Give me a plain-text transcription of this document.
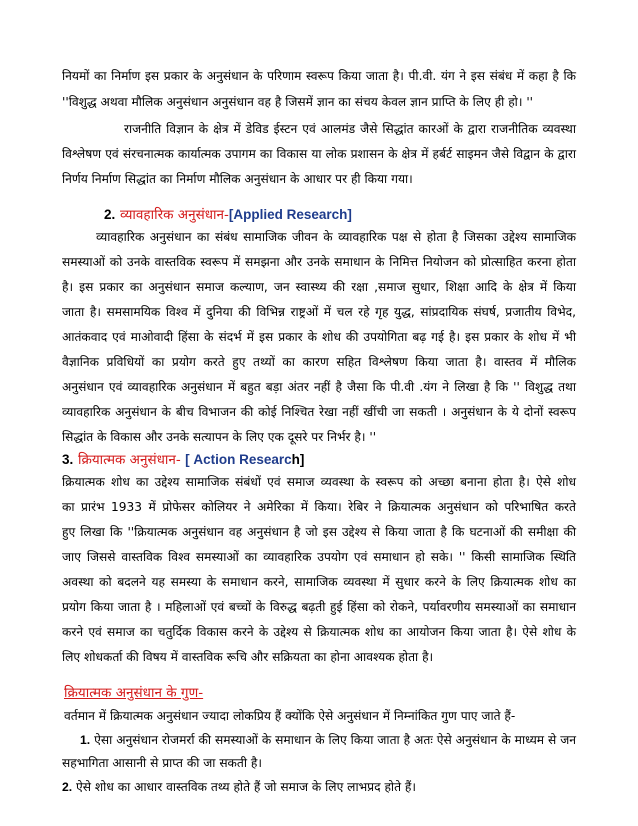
नियमों का निर्माण इस प्रकार के अनुसंधान के परिणाम स्वरूप किया जाता है। पी.वी. यंग ने इस संबंध में कहा है कि
''विशुद्ध अथवा मौलिक अनुसंधान अनुसंधान वह है जिसमें ज्ञान का संचय केवल ज्ञान प्राप्ति के लिए ही हो। ''
राजनीति विज्ञान के क्षेत्र में डेविड ईस्टन एवं आलमंड जैसे सिद्धांत कारओं के द्वारा राजनीतिक व्यवस्था
विश्लेषण एवं संरचनात्मक कार्यात्मक उपागम का विकास या लोक प्रशासन के क्षेत्र में हर्बर्ट साइमन जैसे विद्वान के द्वारा
निर्णय निर्माण सिद्धांत का निर्माण मौलिक अनुसंधान के आधार पर ही किया गया।
2. व्यावहारिक अनुसंधान-[Applied Research]
व्यावहारिक अनुसंधान का संबंध सामाजिक जीवन के व्यावहारिक पक्ष से होता है जिसका उद्देश्य सामाजिक
समस्याओं को उनके वास्तविक स्वरूप में समझना और उनके समाधान के निमित्त नियोजन को प्रोत्साहित करना होता
है। इस प्रकार का अनुसंधान समाज कल्याण, जन स्वास्थ्य की रक्षा ,समाज सुधार, शिक्षा आदि के क्षेत्र में किया
जाता है। समसामयिक विश्व में दुनिया की विभिन्न राष्ट्रओं में चल रहे गृह युद्ध, सांप्रदायिक संघर्ष, प्रजातीय विभेद,
आतंकवाद एवं माओवादी हिंसा के संदर्भ में इस प्रकार के शोध की उपयोगिता बढ़ गई है। इस प्रकार के शोध में भी
वैज्ञानिक प्रविधियों का प्रयोग करते हुए तथ्यों का कारण सहित विश्लेषण किया जाता है। वास्तव में मौलिक
अनुसंधान एवं व्यावहारिक अनुसंधान में बहुत बड़ा अंतर नहीं है जैसा कि पी.वी .यंग ने लिखा है कि '' विशुद्ध तथा
व्यावहारिक अनुसंधान के बीच विभाजन की कोई निश्चित रेखा नहीं खींची जा सकती । अनुसंधान के ये दोनों स्वरूप
सिद्धांत के विकास और उनके सत्यापन के लिए एक दूसरे पर निर्भर है। ''
3. क्रियात्मक अनुसंधान- [ Action Research]
क्रियात्मक शोध का उद्देश्य सामाजिक संबंधों एवं समाज व्यवस्था के स्वरूप को अच्छा बनाना होता है। ऐसे शोध
का प्रारंभ 1933 में प्रोफेसर कोलियर ने अमेरिका में किया। रेबिर ने क्रियात्मक अनुसंधान को परिभाषित करते
हुए लिखा कि ''क्रियात्मक अनुसंधान वह अनुसंधान है जो इस उद्देश्य से किया जाता है कि घटनाओं की समीक्षा की
जाए जिससे वास्तविक विश्व समस्याओं का व्यावहारिक उपयोग एवं समाधान हो सके। '' किसी सामाजिक स्थिति
अवस्था को बदलने यह समस्या के समाधान करने, सामाजिक व्यवस्था में सुधार करने के लिए क्रियात्मक शोध का
प्रयोग किया जाता है । महिलाओं एवं बच्चों के विरुद्ध बढ़ती हुई हिंसा को रोकने, पर्यावरणीय समस्याओं का समाधान
करने एवं समाज का चतुर्दिक विकास करने के उद्देश्य से क्रियात्मक शोध का आयोजन किया जाता है। ऐसे शोध के
लिए शोधकर्ता की विषय में वास्तविक रूचि और सक्रियता का होना आवश्यक होता है।
क्रियात्मक अनुसंधान के गुण-
वर्तमान में क्रियात्मक अनुसंधान ज्यादा लोकप्रिय हैं क्योंकि ऐसे अनुसंधान में निम्नांकित गुण पाए जाते हैं-
1. ऐसा अनुसंधान रोजमर्रा की समस्याओं के समाधान के लिए किया जाता है अतः ऐसे अनुसंधान के माध्यम से जन
सहभागिता आसानी से प्राप्त की जा सकती है।
2. ऐसे शोध का आधार वास्तविक तथ्य होते हैं जो समाज के लिए लाभप्रद होते हैं।
